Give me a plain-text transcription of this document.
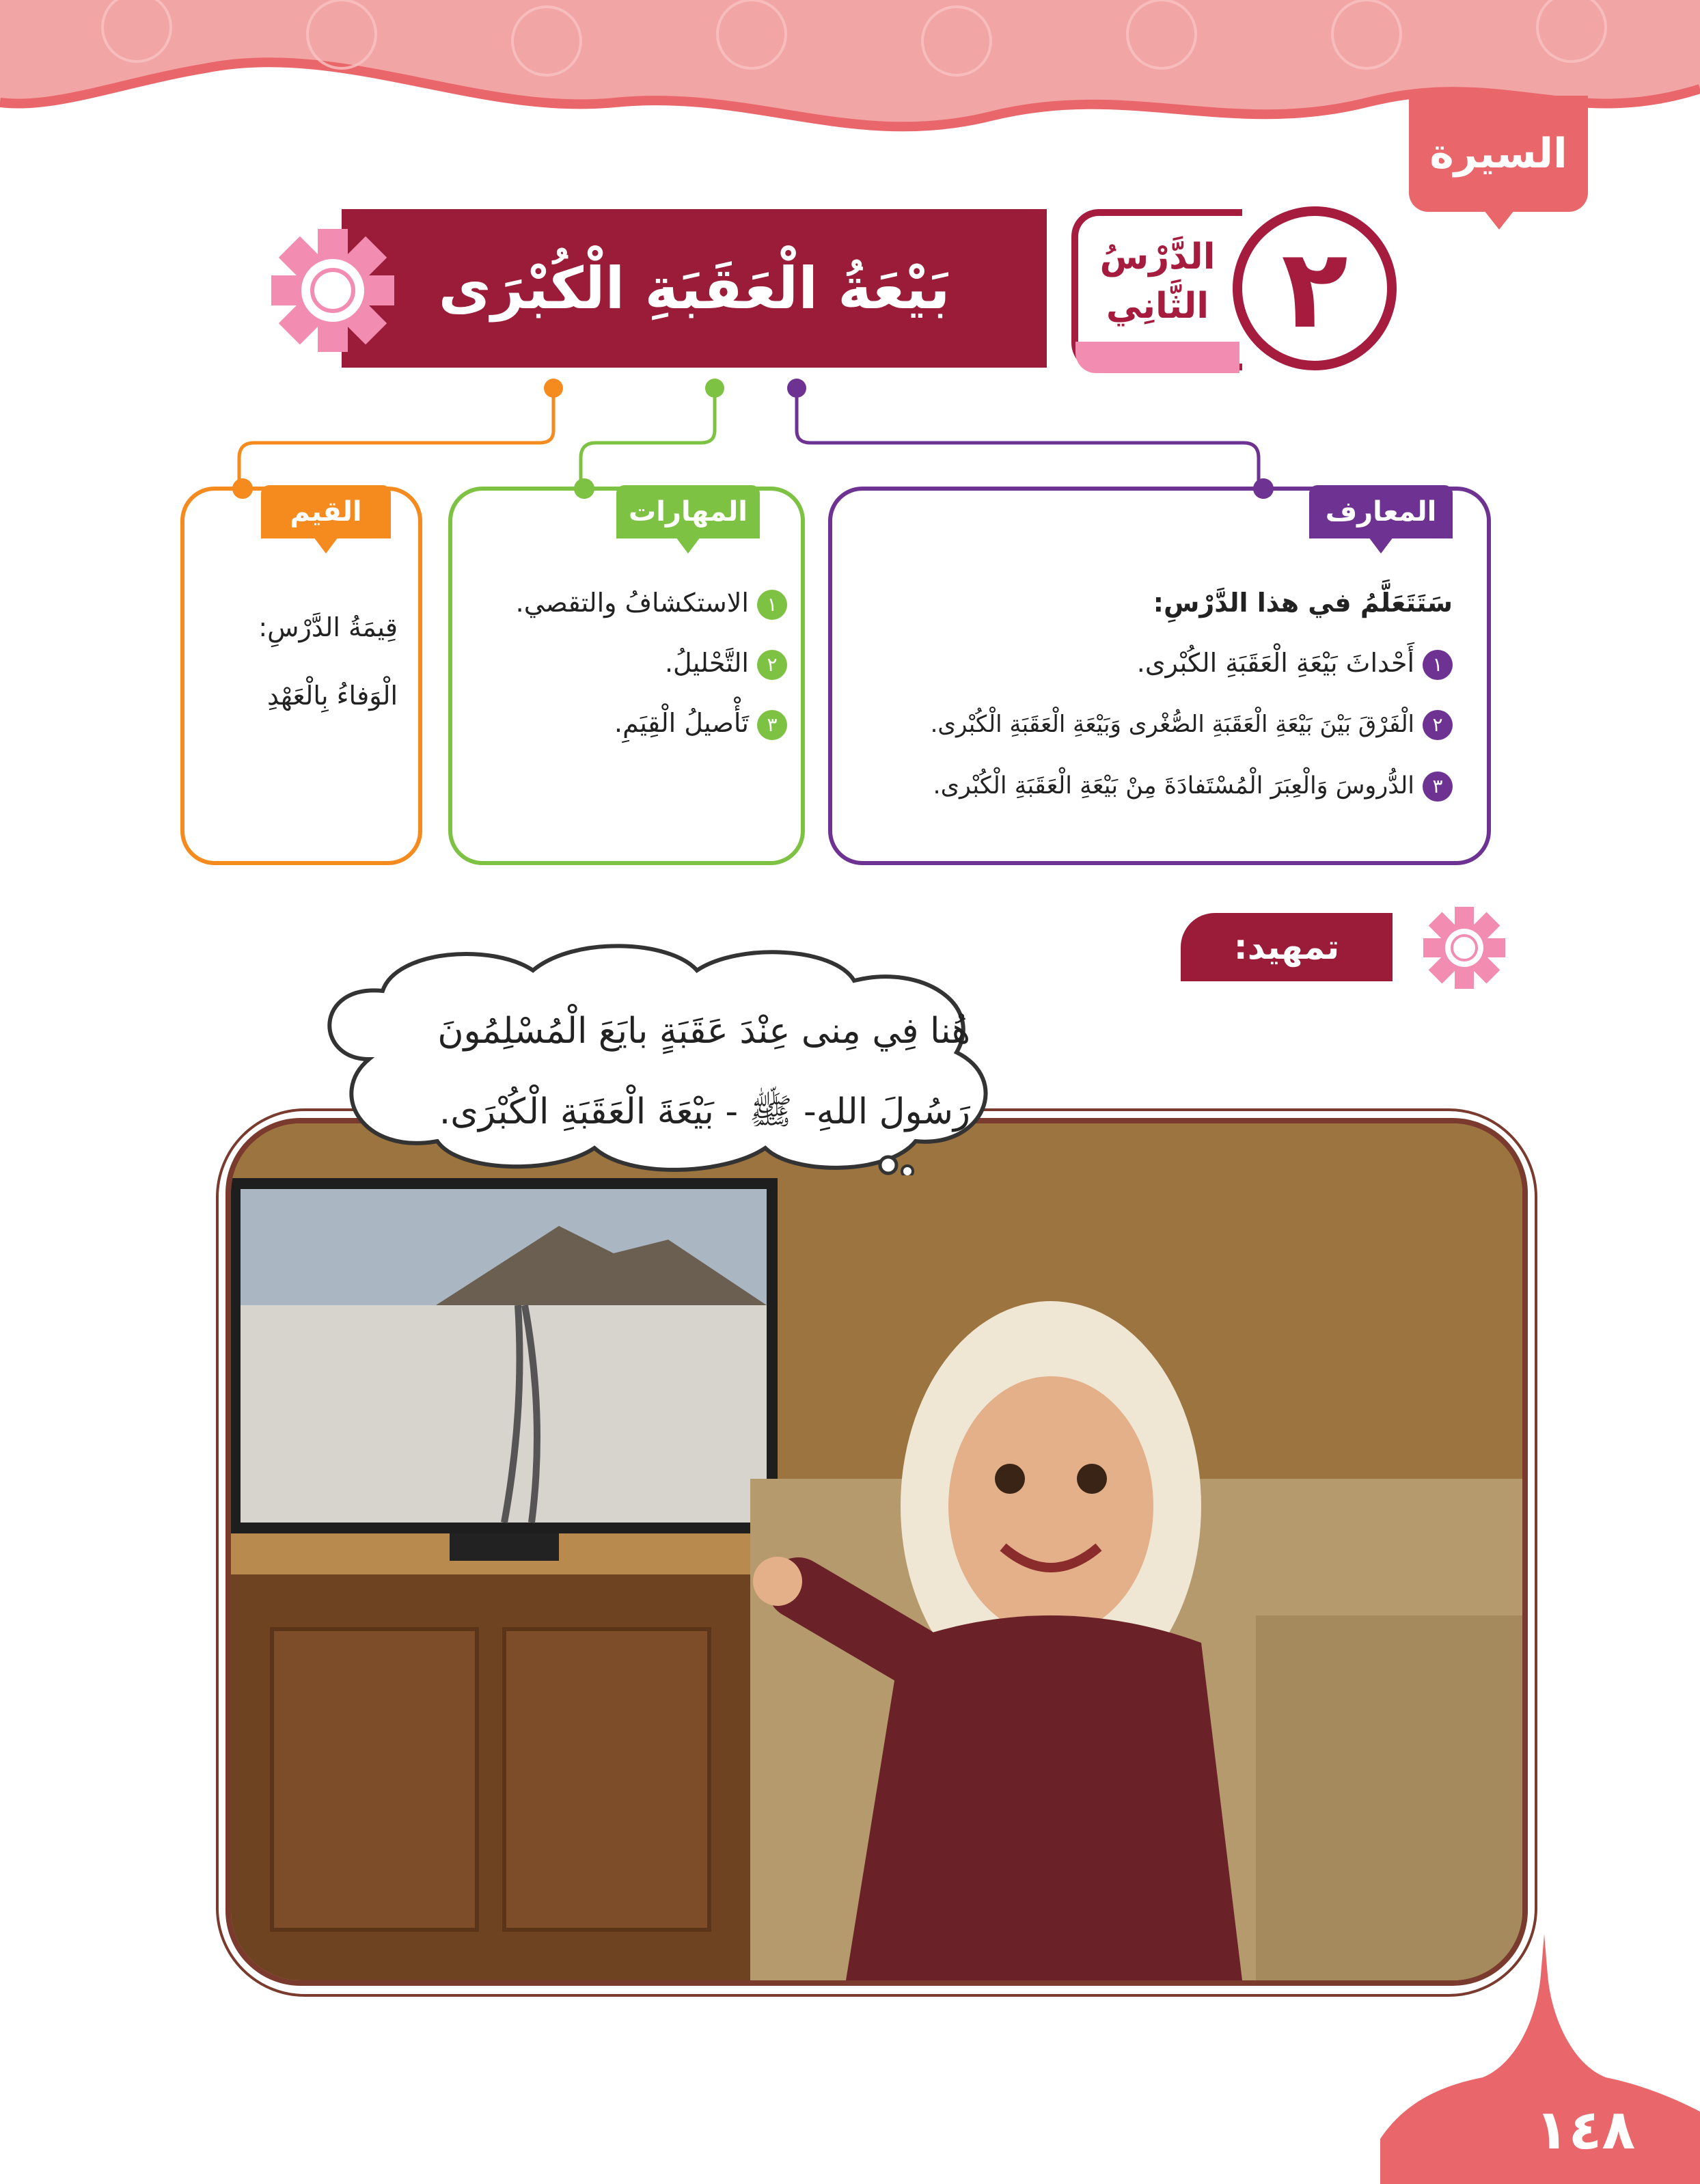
السيرة
الدَّرْسُ
الثَّانِي ٢
بَيْعَةُ الْعَقَبَةِ الْكُبْرَى
المعارف
سَتَتَعَلَّمُ في هذا الدَّرْسِ:
١أَحْداثَ بَيْعَةِ الْعَقَبَةِ الكُبْرى.
٢الْفَرْقَ بَيْنَ بَيْعَةِ الْعَقَبَةِ الصُّغْرى وَبَيْعَةِ الْعَقَبَةِ الْكُبْرى.
٣الدُّروسَ وَالْعِبَرَ الْمُسْتَفادَةَ مِنْ بَيْعَةِ الْعَقَبَةِ الْكُبْرى.
المهارات
١الاستكشافُ والتقصي.
٢التَّحْليلُ.
٣تَأْصيلُ الْقِيَمِ.
القيم
قِيمَةُ الدَّرْسِ:
الْوَفاءُ بِالْعَهْدِ
تمهيد:
هُنا فِي مِنى عِنْدَ عَقَبَةٍ بايَعَ الْمُسْلِمُونَ
رَسُولَ اللهِ- ﷺ - بَيْعَةَ الْعَقَبَةِ الْكُبْرَى.
١٤٨
